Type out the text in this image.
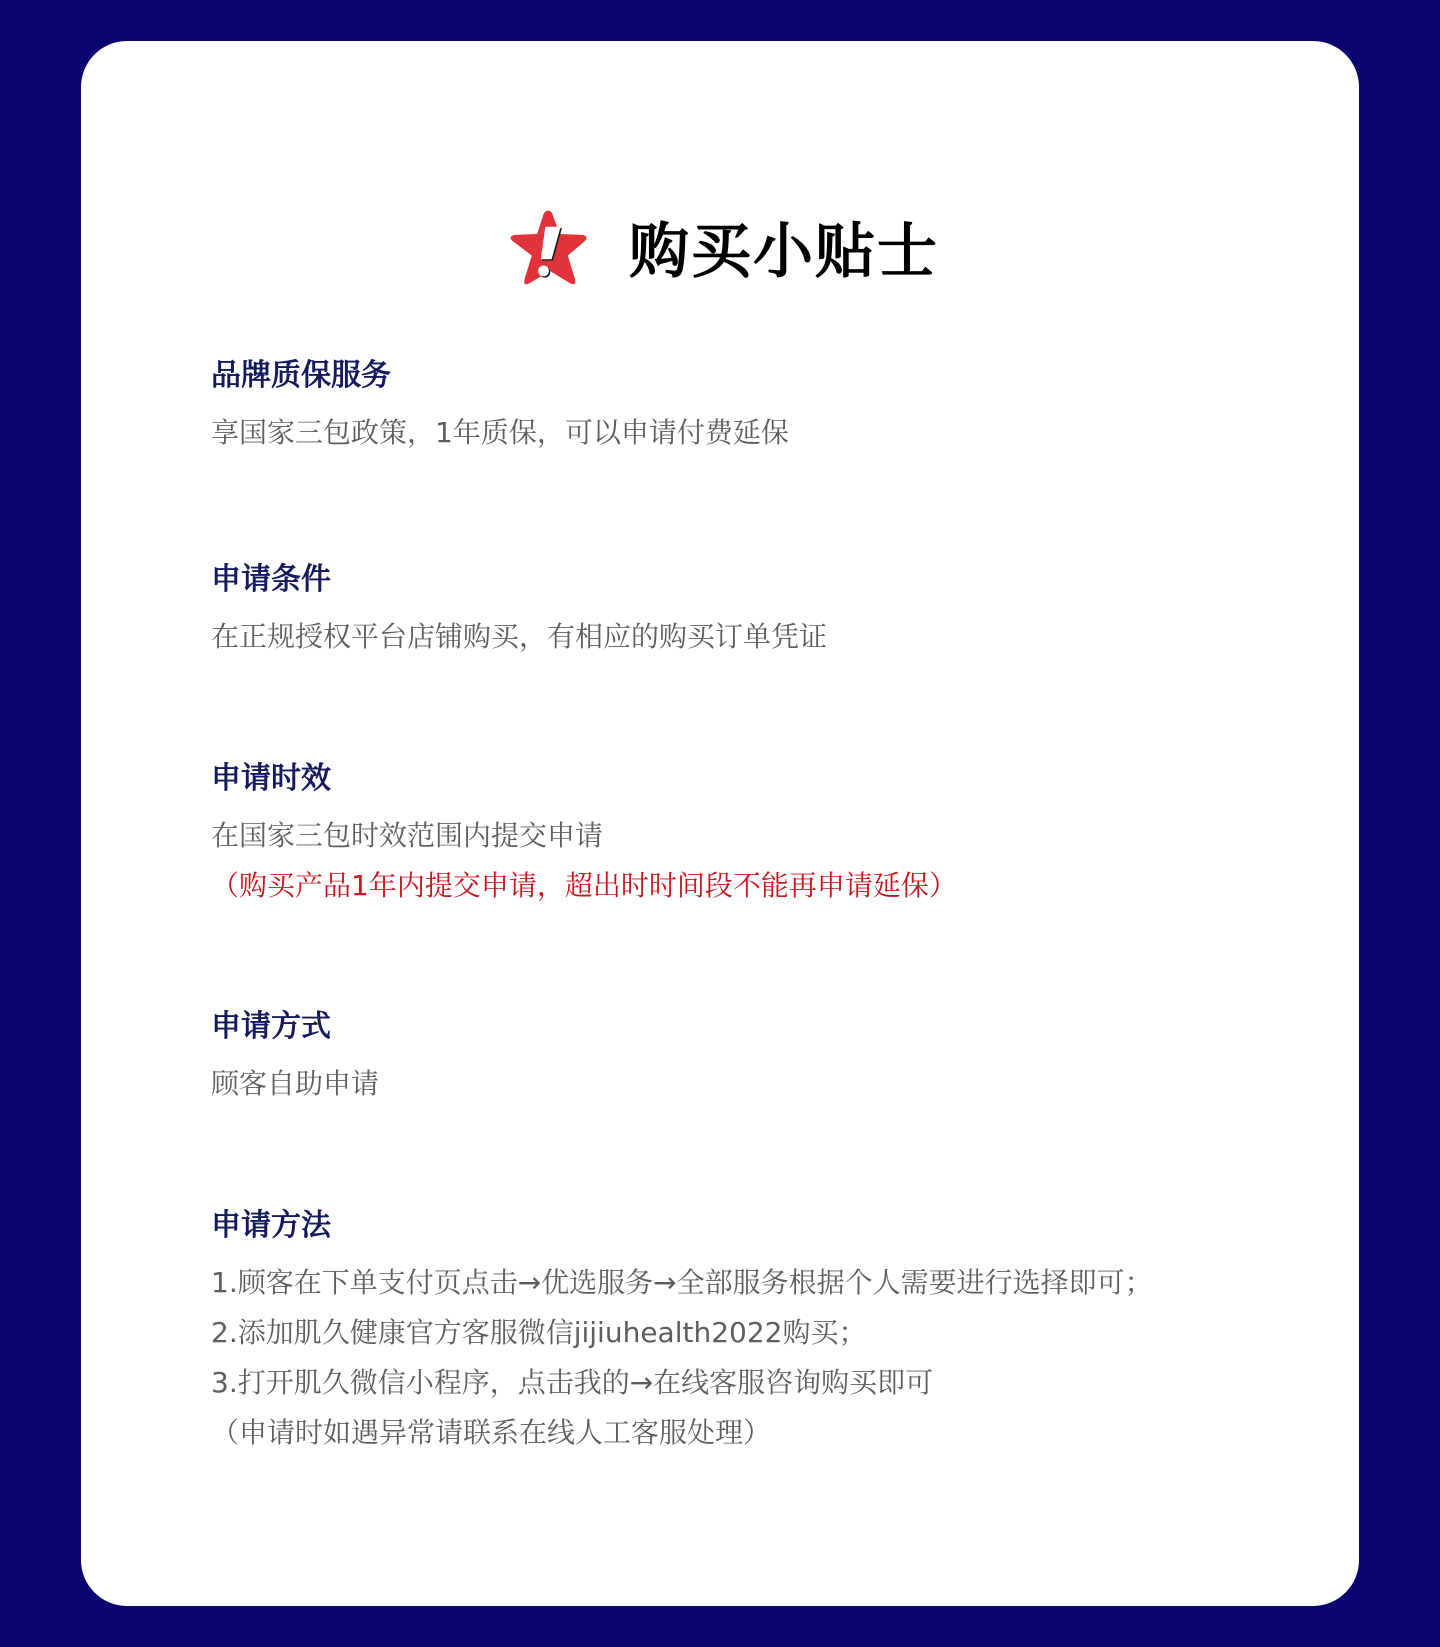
购买小贴士
品牌质保服务
享国家三包政策，1年质保，可以申请付费延保
申请条件
在正规授权平台店铺购买，有相应的购买订单凭证
申请时效
在国家三包时效范围内提交申请
（购买产品1年内提交申请，超出时时间段不能再申请延保）
申请方式
顾客自助申请
申请方法
1.顾客在下单支付页点击→优选服务→全部服务根据个人需要进行选择即可；
2.添加肌久健康官方客服微信jijiuhealth2022购买；
3.打开肌久微信小程序，点击我的→在线客服咨询购买即可
（申请时如遇异常请联系在线人工客服处理）
